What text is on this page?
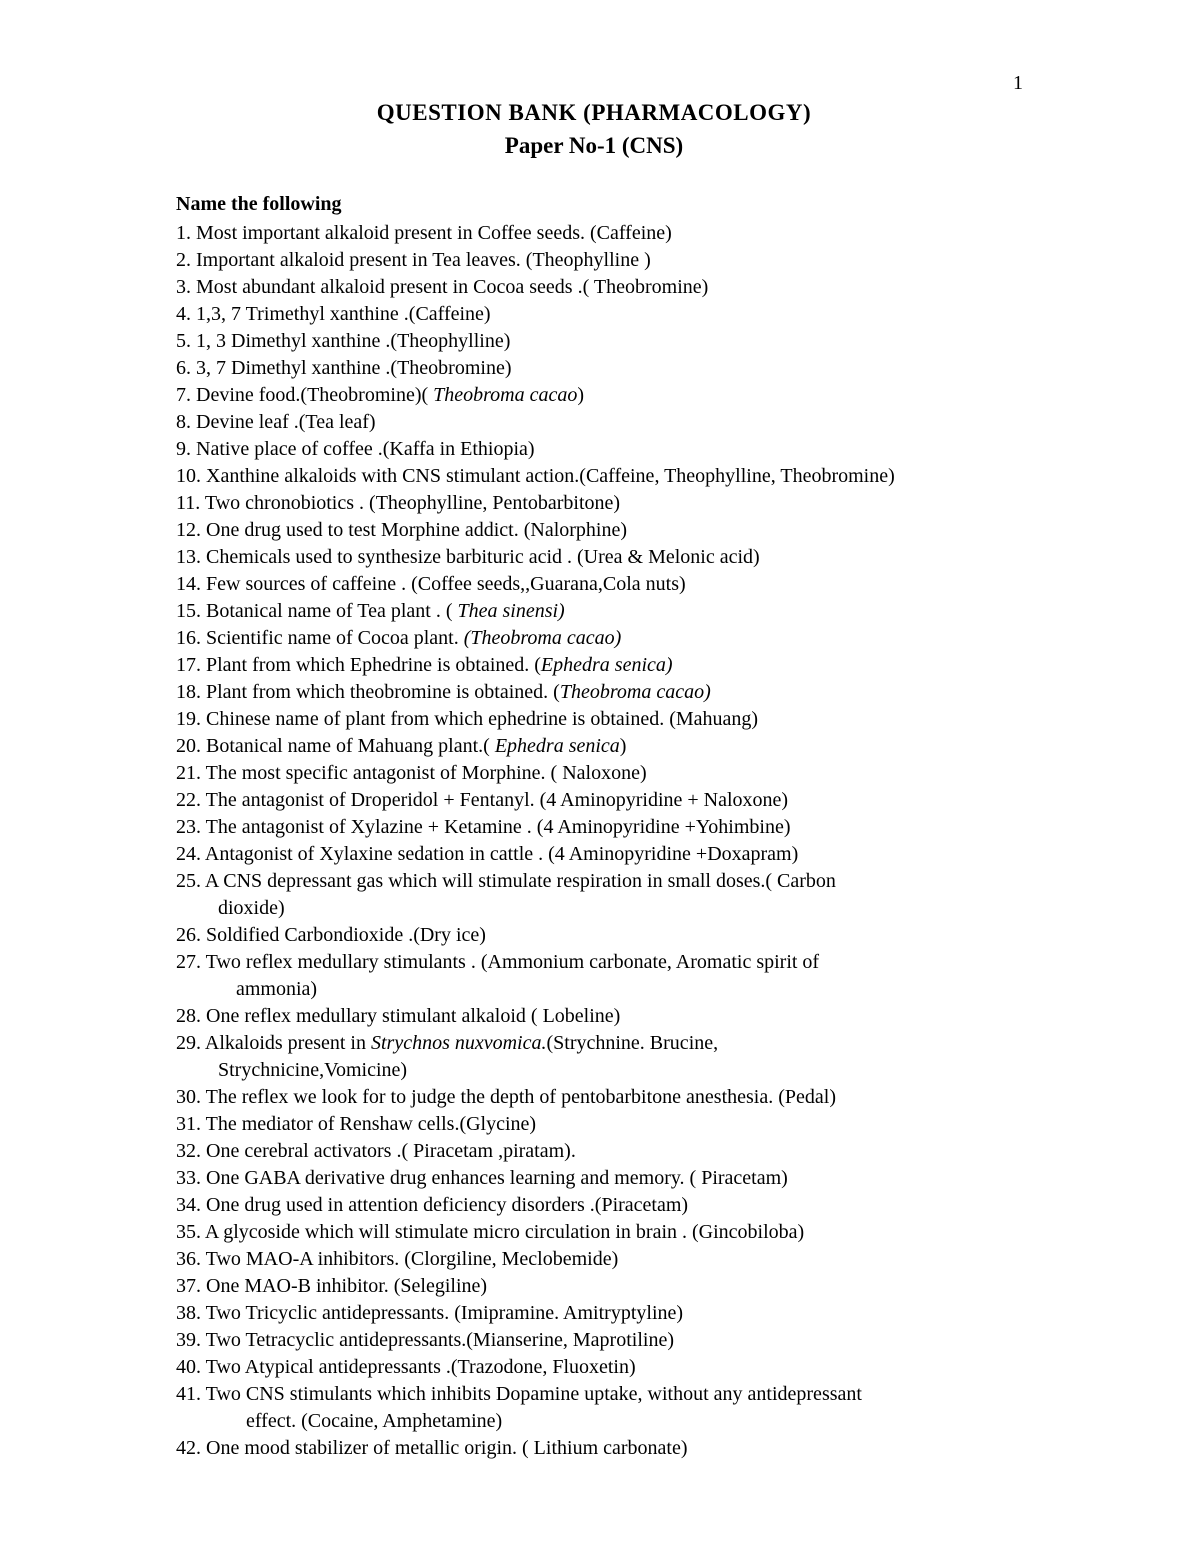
1
QUESTION BANK (PHARMACOLOGY)
Paper No-1 (CNS)
Name the following
1. Most important alkaloid present in Coffee seeds. (Caffeine)
2. Important alkaloid present in Tea leaves. (Theophylline )
3. Most abundant alkaloid present in Cocoa seeds .( Theobromine)
4. 1,3, 7 Trimethyl xanthine .(Caffeine)
5. 1, 3 Dimethyl xanthine .(Theophylline)
6. 3, 7 Dimethyl xanthine .(Theobromine)
7. Devine food.(Theobromine)( Theobroma cacao)
8. Devine leaf .(Tea leaf)
9. Native place of coffee .(Kaffa in Ethiopia)
10. Xanthine alkaloids with CNS stimulant action.(Caffeine, Theophylline, Theobromine)
11. Two chronobiotics . (Theophylline, Pentobarbitone)
12. One drug used to test Morphine addict. (Nalorphine)
13. Chemicals used to synthesize barbituric acid . (Urea & Melonic acid)
14. Few sources of caffeine . (Coffee seeds,,Guarana,Cola nuts)
15. Botanical name of Tea plant . ( Thea sinensi)
16. Scientific name of Cocoa plant. (Theobroma cacao)
17. Plant from which Ephedrine is obtained. (Ephedra senica)
18. Plant from which theobromine is obtained. (Theobroma cacao)
19. Chinese name of plant from which ephedrine is obtained. (Mahuang)
20. Botanical name of Mahuang plant.( Ephedra senica)
21. The most specific antagonist of Morphine. ( Naloxone)
22. The antagonist of Droperidol + Fentanyl. (4 Aminopyridine + Naloxone)
23. The antagonist of Xylazine + Ketamine . (4 Aminopyridine +Yohimbine)
24. Antagonist of Xylaxine sedation in cattle . (4 Aminopyridine +Doxapram)
25. A CNS depressant gas which will stimulate respiration in small doses.( Carbon
dioxide)
26. Soldified Carbondioxide .(Dry ice)
27. Two reflex medullary stimulants . (Ammonium carbonate, Aromatic spirit of
ammonia)
28. One reflex medullary stimulant alkaloid ( Lobeline)
29. Alkaloids present in Strychnos nuxvomica.(Strychnine. Brucine,
Strychnicine,Vomicine)
30. The reflex we look for to judge the depth of pentobarbitone anesthesia. (Pedal)
31. The mediator of Renshaw cells.(Glycine)
32. One cerebral activators .( Piracetam ,piratam).
33. One GABA derivative drug enhances learning and memory. ( Piracetam)
34. One drug used in attention deficiency disorders .(Piracetam)
35. A glycoside which will stimulate micro circulation in brain . (Gincobiloba)
36. Two MAO-A inhibitors. (Clorgiline, Meclobemide)
37. One MAO-B inhibitor. (Selegiline)
38. Two Tricyclic antidepressants. (Imipramine. Amitryptyline)
39. Two Tetracyclic antidepressants.(Mianserine, Maprotiline)
40. Two Atypical antidepressants .(Trazodone, Fluoxetin)
41. Two CNS stimulants which inhibits Dopamine uptake, without any antidepressant
effect. (Cocaine, Amphetamine)
42. One mood stabilizer of metallic origin. ( Lithium carbonate)
